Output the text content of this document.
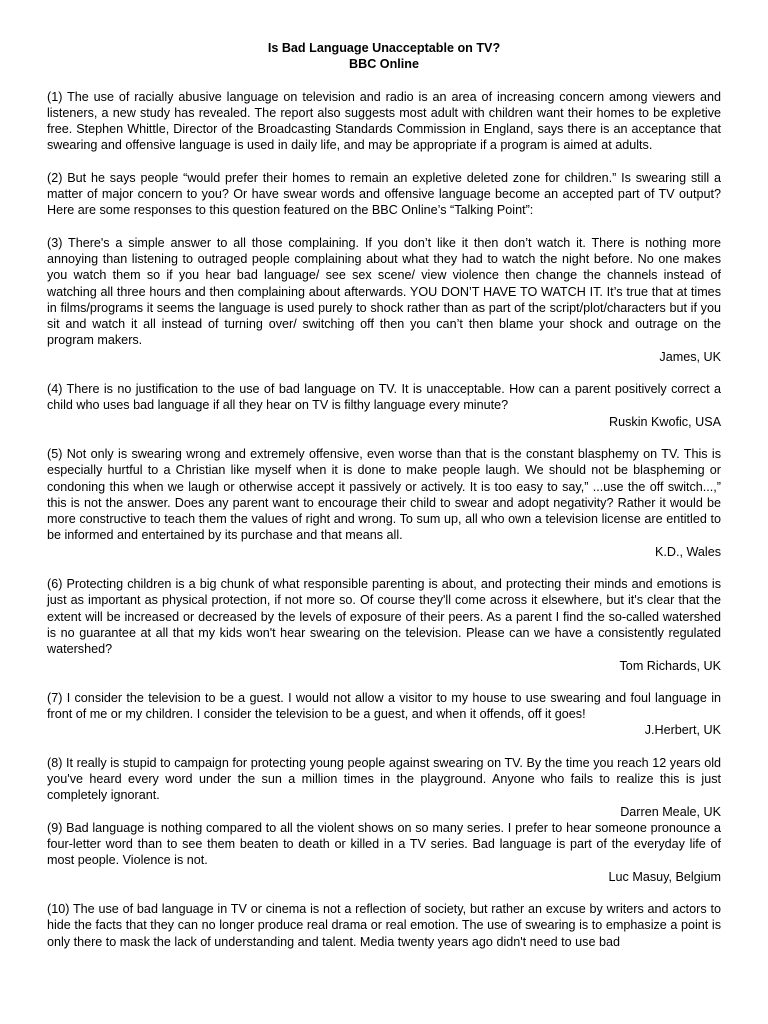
Is Bad Language Unacceptable on TV?
BBC Online

(1) The use of racially abusive language on television and radio is an area of increasing concern among viewers and listeners, a new study has revealed. The report also suggests most adult with children want their homes to be expletive free. Stephen Whittle, Director of the Broadcasting Standards Commission in England, says there is an acceptance that swearing and offensive language is used in daily life, and may be appropriate if a program is aimed at adults.

(2) But he says people “would prefer their homes to remain an expletive deleted zone for children.” Is swearing still a matter of major concern to you? Or have swear words and offensive language become an accepted part of TV output? Here are some responses to this question featured on the BBC Online’s “Talking Point”:

(3) There's a simple answer to all those complaining. If you don’t like it then don’t watch it. There is nothing more annoying than listening to outraged people complaining about what they had to watch the night before. No one makes you watch them so if you hear bad language/ see sex scene/ view violence then change the channels instead of watching all three hours and then complaining about afterwards. YOU DON’T HAVE TO WATCH IT. It’s true that at times in films/programs it seems the language is used purely to shock rather than as part of the script/plot/characters but if you sit and watch it all instead of turning over/ switching off then you can’t then blame your shock and outrage on the program makers.

James, UK

(4) There is no justification to the use of bad language on TV. It is unacceptable. How can a parent positively correct a child who uses bad language if all they hear on TV is filthy language every minute?

Ruskin Kwofic, USA

(5) Not only is swearing wrong and extremely offensive, even worse than that is the constant blasphemy on TV. This is especially hurtful to a Christian like myself when it is done to make people laugh. We should not be blaspheming or condoning this when we laugh or otherwise accept it passively or actively. It is too easy to say,” ...use the off switch...,” this is not the answer. Does any parent want to encourage their child to swear and adopt negativity? Rather it would be more constructive to teach them the values of right and wrong. To sum up, all who own a television license are entitled to be informed and entertained by its purchase and that means all.

K.D., Wales

(6) Protecting children is a big chunk of what responsible parenting is about, and protecting their minds and emotions is just as important as physical protection, if not more so. Of course they'll come across it elsewhere, but it's clear that the extent will be increased or decreased by the levels of exposure of their peers. As a parent I find the so-called watershed is no guarantee at all that my kids won't hear swearing on the television. Please can we have a consistently regulated watershed?

Tom Richards, UK

(7) I consider the television to be a guest. I would not allow a visitor to my house to use swearing and foul language in front of me or my children. I consider the television to be a guest, and when it offends, off it goes!

J.Herbert, UK

(8) It really is stupid to campaign for protecting young people against swearing on TV. By the time you reach 12 years old you've heard every word under the sun a million times in the playground. Anyone who fails to realize this is just completely ignorant.

Darren Meale, UK

(9) Bad language is nothing compared to all the violent shows on so many series. I prefer to hear someone pronounce a four-letter word than to see them beaten to death or killed in a TV series. Bad language is part of the everyday life of most people. Violence is not.

Luc Masuy, Belgium

(10) The use of bad language in TV or cinema is not a reflection of society, but rather an excuse by writers and actors to hide the facts that they can no longer produce real drama or real emotion. The use of swearing is to emphasize a point is only there to mask the lack of understanding and talent. Media twenty years ago didn't need to use bad
